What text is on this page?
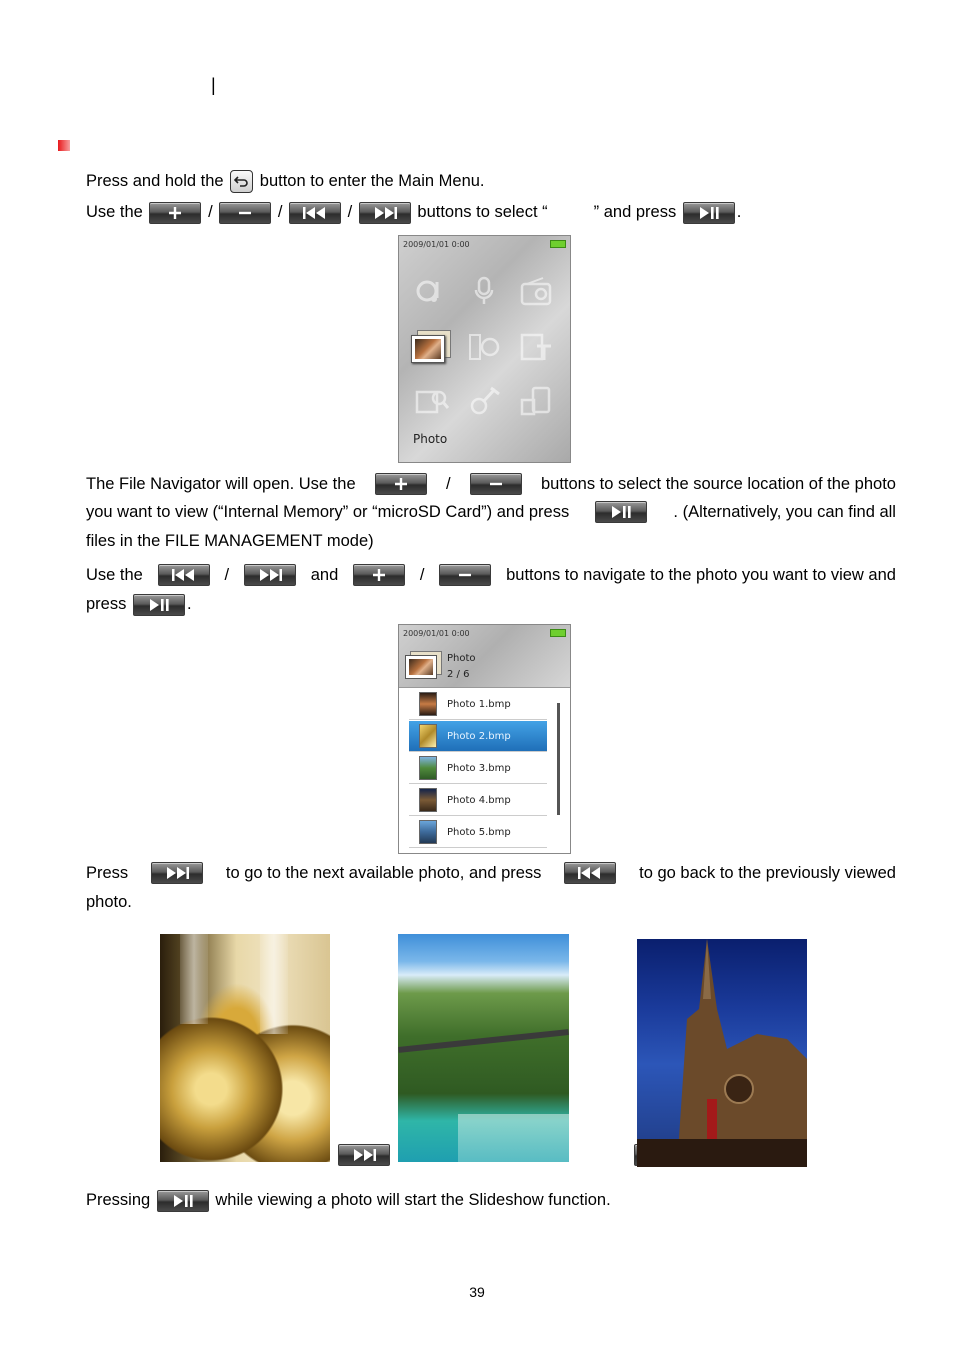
|
Press and hold the button to enter the Main Menu.
Use the	/	/	/	buttons to select “	” and press	.
2009/01/01 0:00
Photo
The File Navigator will open. Use the	/	buttons to select the source location of the photo
you want to view (“Internal Memory” or “microSD Card”) and press	. (Alternatively, you can find all
files in the FILE MANAGEMENT mode)
Use the	/	and	/	buttons to navigate to the photo you want to view and
press	.
2009/01/01 0:00
Photo
2 / 6
Photo 1.bmp
Photo 2.bmp
Photo 3.bmp
Photo 4.bmp
Photo 5.bmp
Press	to go to the next available photo, and press	to go back to the previously viewed
photo.

Pressing	while viewing a photo will start the Slideshow function.
39
